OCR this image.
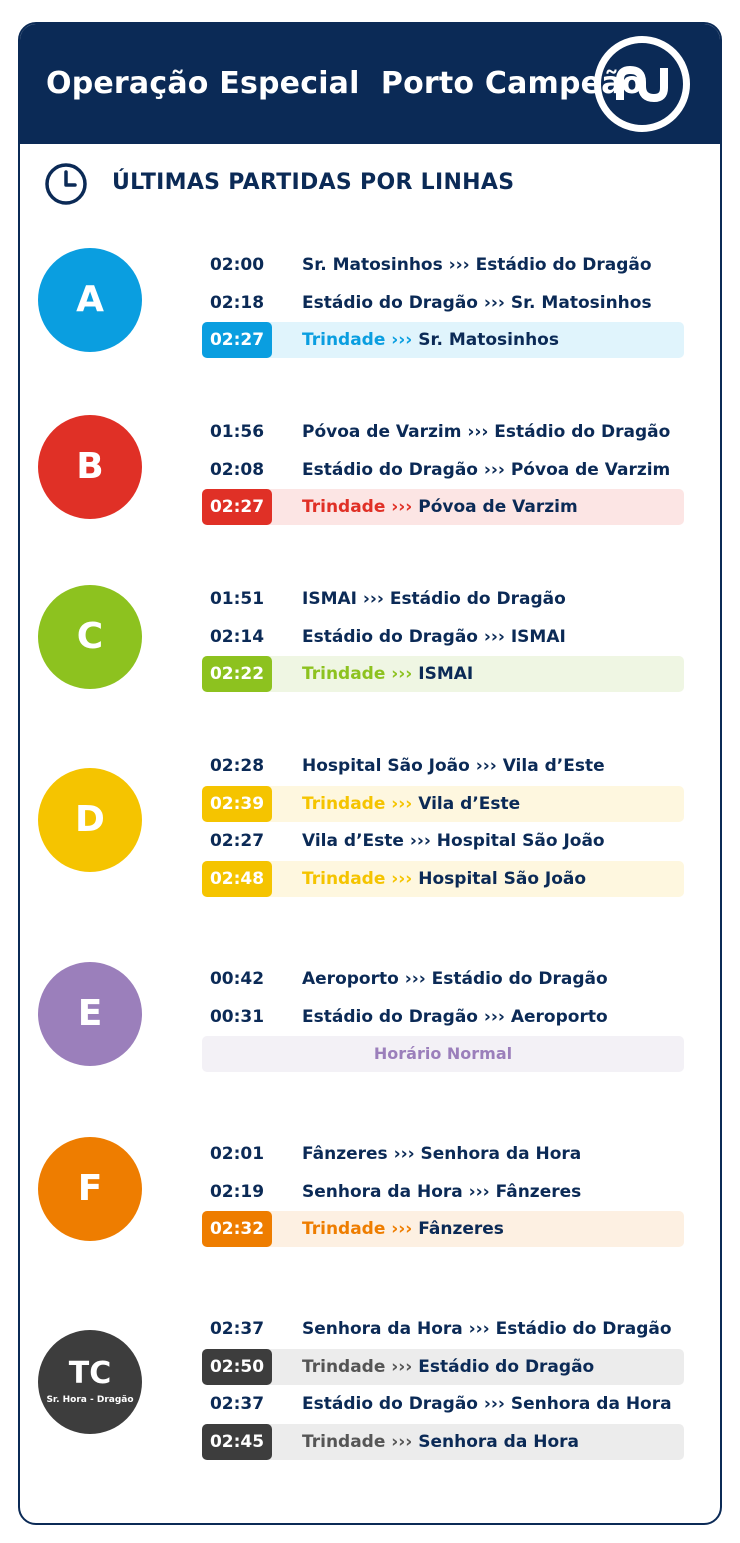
Operação Especial  Porto Campeão
ÚLTIMAS PARTIDAS POR LINHAS
A
02:00	Sr. Matosinhos ››› Estádio do Dragão
02:18	Estádio do Dragão ››› Sr. Matosinhos
02:27	Trindade ››› Sr. Matosinhos
B
01:56	Póvoa de Varzim ››› Estádio do Dragão
02:08	Estádio do Dragão ››› Póvoa de Varzim
02:27	Trindade ››› Póvoa de Varzim
C
01:51	ISMAI ››› Estádio do Dragão
02:14	Estádio do Dragão ››› ISMAI
02:22	Trindade ››› ISMAI
D
02:28	Hospital São João ››› Vila d’Este
02:39	Trindade ››› Vila d’Este
02:27	Vila d’Este ››› Hospital São João
02:48	Trindade ››› Hospital São João
E
00:42	Aeroporto ››› Estádio do Dragão
00:31	Estádio do Dragão ››› Aeroporto
Horário Normal
F
02:01	Fânzeres ››› Senhora da Hora
02:19	Senhora da Hora ››› Fânzeres
02:32	Trindade ››› Fânzeres
TC
Sr. Hora - Dragão
02:37	Senhora da Hora ››› Estádio do Dragão
02:50	Trindade ››› Estádio do Dragão
02:37	Estádio do Dragão ››› Senhora da Hora
02:45	Trindade ››› Senhora da Hora
